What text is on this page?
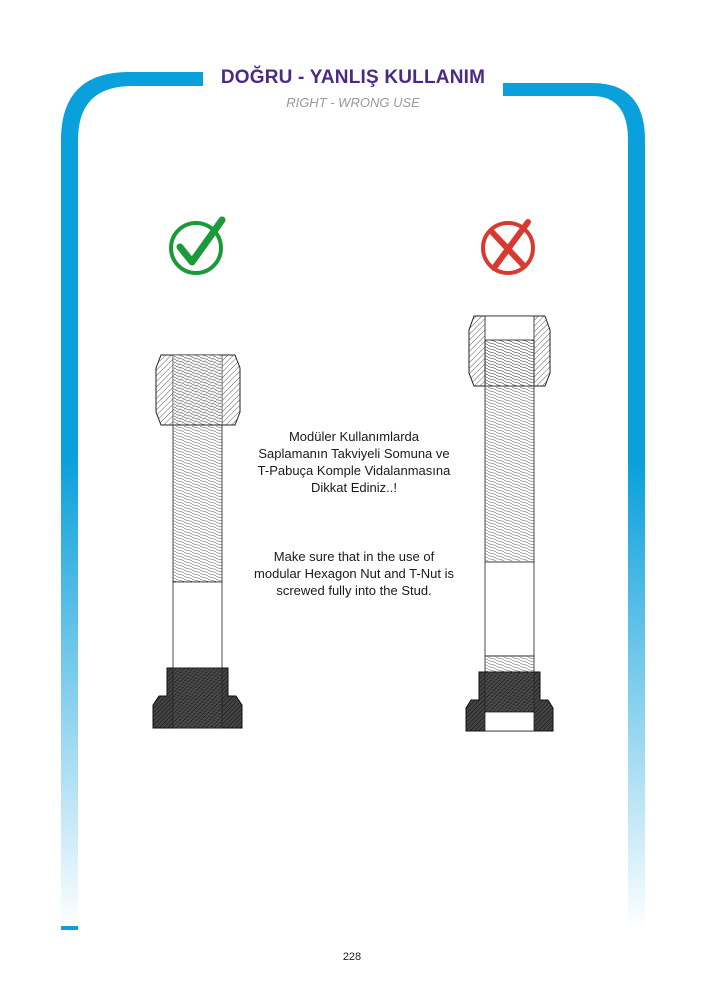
DOĞRU - YANLIŞ KULLANIM
RIGHT - WRONG USE
Modüler Kullanımlarda
Saplamanın Takviyeli Somuna ve
T-Pabuça Komple Vidalanmasına
Dikkat Ediniz..!
Make sure that in the use of
modular Hexagon Nut and T-Nut is
screwed fully into the Stud.
228
